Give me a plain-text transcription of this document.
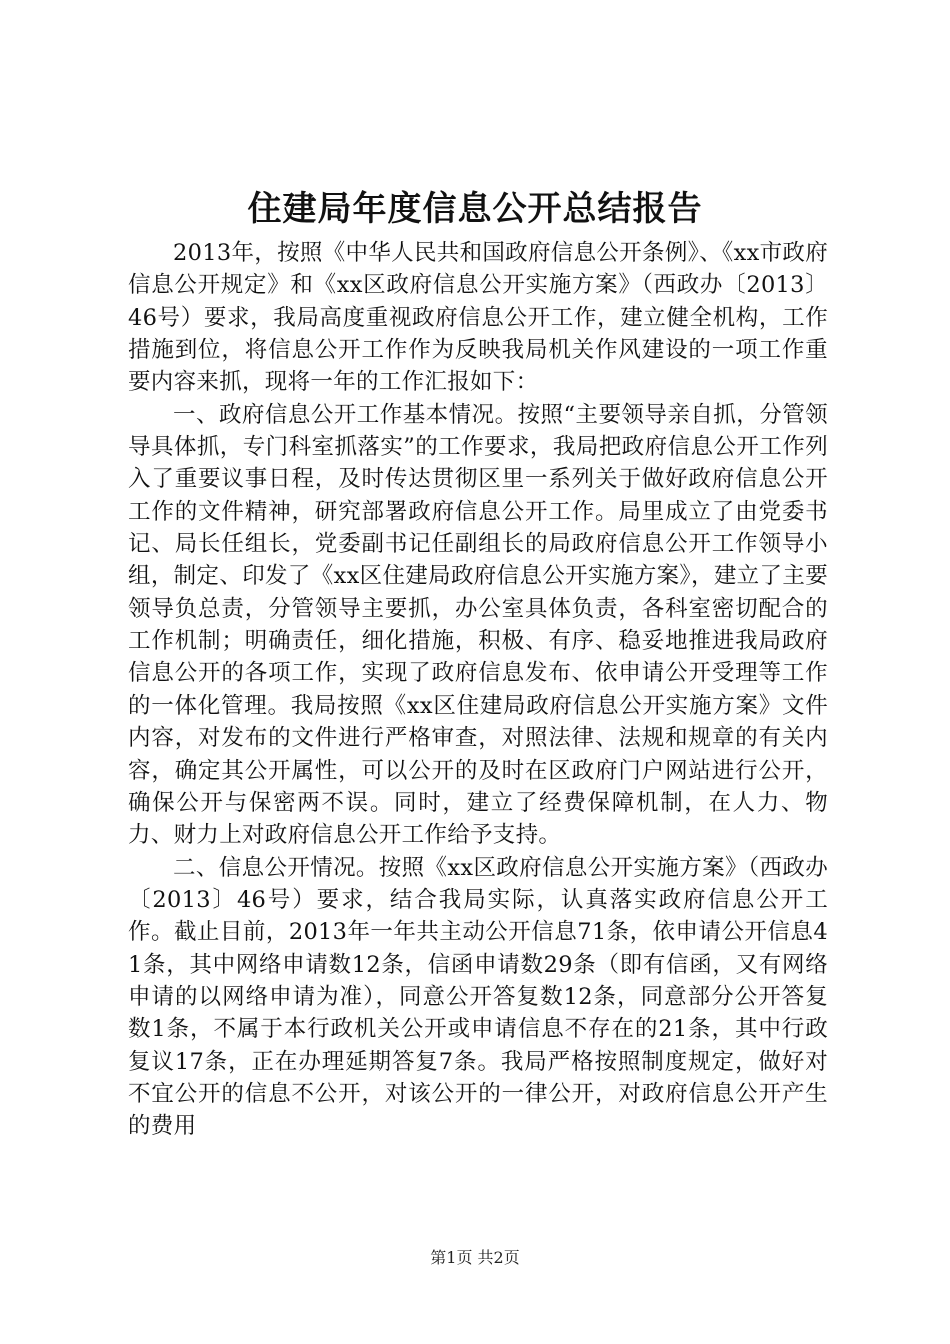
住建局年度信息公开总结报告

2013年，按照《中华人民共和国政府信息公开条例》、《xx市政府信息公开规定》和《xx区政府信息公开实施方案》（西政办〔2013〕46号）要求，我局高度重视政府信息公开工作，建立健全机构，工作措施到位，将信息公开工作作为反映我局机关作风建设的一项工作重要内容来抓，现将一年的工作汇报如下：

一、政府信息公开工作基本情况。按照“主要领导亲自抓，分管领导具体抓，专门科室抓落实”的工作要求，我局把政府信息公开工作列入了重要议事日程，及时传达贯彻区里一系列关于做好政府信息公开工作的文件精神，研究部署政府信息公开工作。局里成立了由党委书记、局长任组长，党委副书记任副组长的局政府信息公开工作领导小组，制定、印发了《xx区住建局政府信息公开实施方案》，建立了主要领导负总责，分管领导主要抓，办公室具体负责，各科室密切配合的工作机制；明确责任，细化措施，积极、有序、稳妥地推进我局政府信息公开的各项工作，实现了政府信息发布、依申请公开受理等工作的一体化管理。我局按照《xx区住建局政府信息公开实施方案》文件内容，对发布的文件进行严格审查，对照法律、法规和规章的有关内容，确定其公开属性，可以公开的及时在区政府门户网站进行公开，确保公开与保密两不误。同时，建立了经费保障机制，在人力、物力、财力上对政府信息公开工作给予支持。

二、信息公开情况。按照《xx区政府信息公开实施方案》（西政办〔2013〕46号）要求，结合我局实际，认真落实政府信息公开工作。截止目前，2013年一年共主动公开信息71条，依申请公开信息41条，其中网络申请数12条，信函申请数29条（即有信函，又有网络申请的以网络申请为准），同意公开答复数12条，同意部分公开答复数1条，不属于本行政机关公开或申请信息不存在的21条，其中行政复议17条，正在办理延期答复7条。我局严格按照制度规定，做好对不宜公开的信息不公开，对该公开的一律公开，对政府信息公开产生的费用

第1页 共2页
